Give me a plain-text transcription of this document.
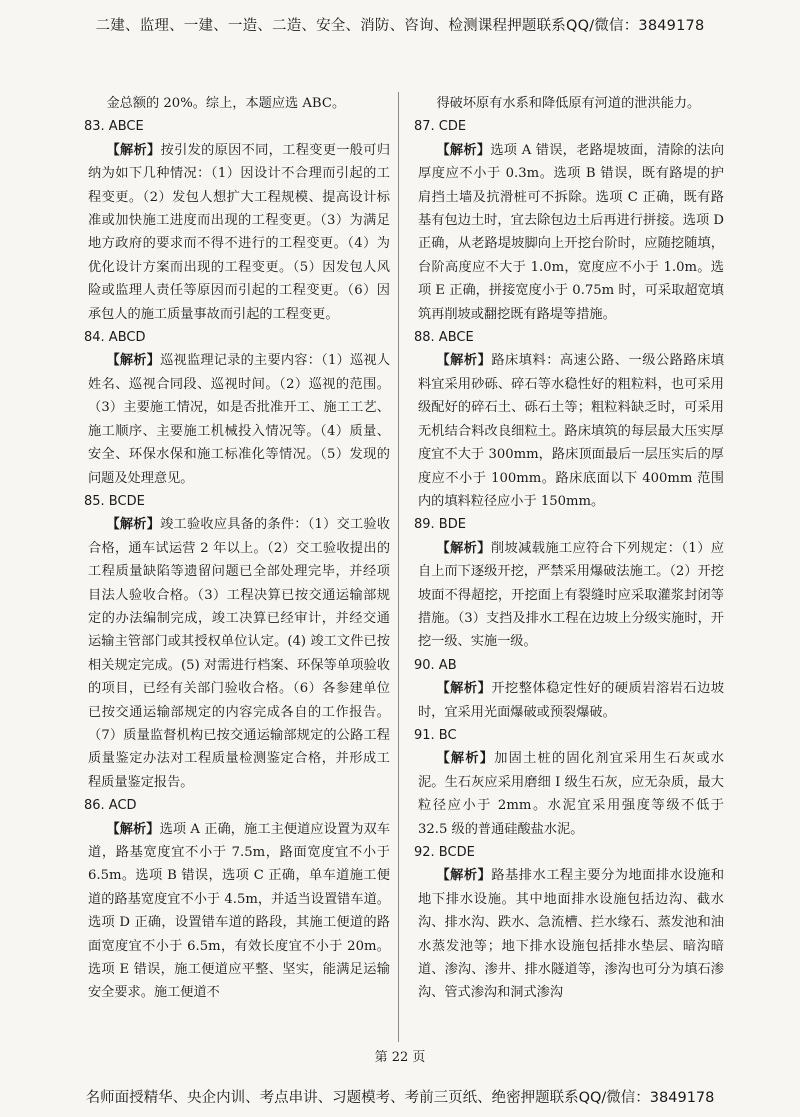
二建、监理、一建、一造、二造、安全、消防、咨询、检测课程押题联系QQ/微信：3849178
金总额的 20%。综上，本题应选 ABC。
83. ABCE
【解析】按引发的原因不同，工程变更一般可归纳为如下几种情况：（1）因设计不合理而引起的工程变更。（2）发包人想扩大工程规模、提高设计标准或加快施工进度而出现的工程变更。（3）为满足地方政府的要求而不得不进行的工程变更。（4）为优化设计方案而出现的工程变更。（5）因发包人风险或监理人责任等原因而引起的工程变更。（6）因承包人的施工质量事故而引起的工程变更。
84. ABCD
【解析】巡视监理记录的主要内容：（1）巡视人姓名、巡视合同段、巡视时间。（2）巡视的范围。（3）主要施工情况，如是否批准开工、施工工艺、施工顺序、主要施工机械投入情况等。（4）质量、安全、环保水保和施工标准化等情况。（5）发现的问题及处理意见。
85. BCDE
【解析】竣工验收应具备的条件：（1）交工验收合格，通车试运营 2 年以上。（2）交工验收提出的工程质量缺陷等遗留问题已全部处理完毕，并经项目法人验收合格。（3）工程决算已按交通运输部规定的办法编制完成，竣工决算已经审计，并经交通运输主管部门或其授权单位认定。(4) 竣工文件已按相关规定完成。(5) 对需进行档案、环保等单项验收的项目，已经有关部门验收合格。（6）各参建单位已按交通运输部规定的内容完成各自的工作报告。（7）质量监督机构已按交通运输部规定的公路工程质量鉴定办法对工程质量检测鉴定合格，并形成工程质量鉴定报告。
86. ACD
【解析】选项 A 正确，施工主便道应设置为双车道，路基宽度宜不小于 7.5m，路面宽度宜不小于 6.5m。选项 B 错误，选项 C 正确，单车道施工便道的路基宽度宜不小于 4.5m，并适当设置错车道。选项 D 正确，设置错车道的路段，其施工便道的路面宽度宜不小于 6.5m，有效长度宜不小于 20m。选项 E 错误，施工便道应平整、坚实，能满足运输安全要求。施工便道不
得破坏原有水系和降低原有河道的泄洪能力。
87. CDE
【解析】选项 A 错误，老路堤坡面，清除的法向厚度应不小于 0.3m。选项 B 错误，既有路堤的护肩挡土墙及抗滑桩可不拆除。选项 C 正确，既有路基有包边土时，宜去除包边土后再进行拼接。选项 D 正确，从老路堤坡脚向上开挖台阶时，应随挖随填，台阶高度应不大于 1.0m，宽度应不小于 1.0m。选项 E 正确，拼接宽度小于 0.75m 时，可采取超宽填筑再削坡或翻挖既有路堤等措施。
88. ABCE
【解析】路床填料：高速公路、一级公路路床填料宜采用砂砾、碎石等水稳性好的粗粒料，也可采用级配好的碎石土、砾石土等；粗粒料缺乏时，可采用无机结合料改良细粒土。路床填筑的每层最大压实厚度宜不大于 300mm，路床顶面最后一层压实后的厚度应不小于 100mm。路床底面以下 400mm 范围内的填料粒径应小于 150mm。
89. BDE
【解析】削坡减载施工应符合下列规定：（1）应自上而下逐级开挖，严禁采用爆破法施工。（2）开挖坡面不得超挖，开挖面上有裂缝时应采取灌浆封闭等措施。（3）支挡及排水工程在边坡上分级实施时，开挖一级、实施一级。
90. AB
【解析】开挖整体稳定性好的硬质岩溶岩石边坡时，宜采用光面爆破或预裂爆破。
91. BC
【解析】加固土桩的固化剂宜采用生石灰或水泥。生石灰应采用磨细 I 级生石灰，应无杂质，最大粒径应小于 2mm。水泥宜采用强度等级不低于 32.5 级的普通硅酸盐水泥。
92. BCDE
【解析】路基排水工程主要分为地面排水设施和地下排水设施。其中地面排水设施包括边沟、截水沟、排水沟、跌水、急流槽、拦水缘石、蒸发池和油水蒸发池等；地下排水设施包括排水垫层、暗沟暗道、渗沟、渗井、排水隧道等，渗沟也可分为填石渗沟、管式渗沟和洞式渗沟
第 22 页
名师面授精华、央企内训、考点串讲、习题模考、考前三页纸、绝密押题联系QQ/微信：3849178
